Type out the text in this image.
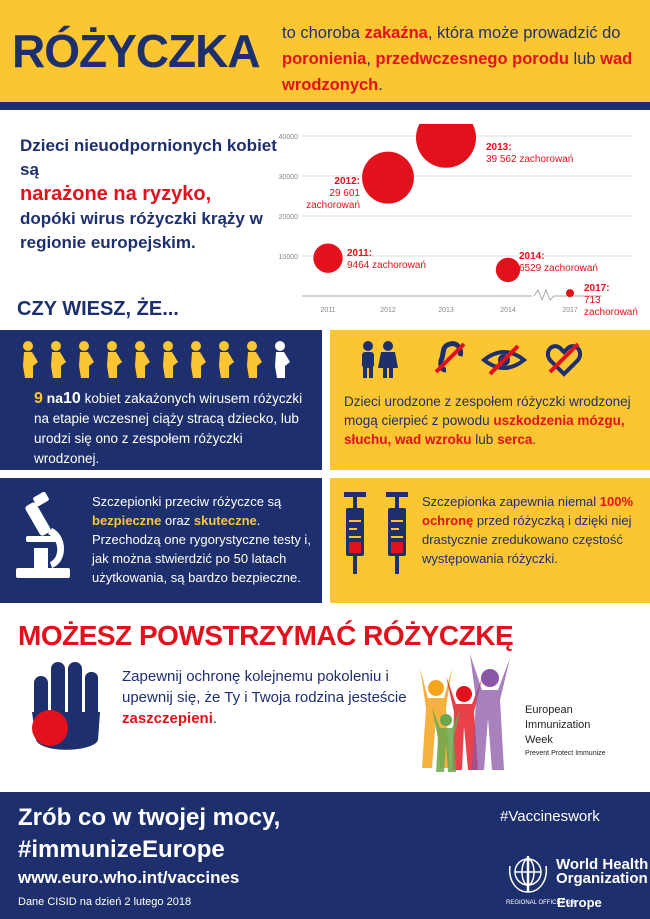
RÓŻYCZKA to choroba zakaźna, która może prowadzić do poronienia, przedwczesnego porodu lub wad wrodzonych.
Dzieci nieuodpornionych kobiet są
narażone na ryzyko,
dopóki wirus różyczki krąży w regionie europejskim.
40000
30000
20000
10000
2011	2012	2013	2014	2017
2011:
9464 zachorowań
2012:
29 601 zachorowań
2013:
39 562 zachorowań
2014:
6529 zachorowań
2017:
713 zachorowań
CZY WIESZ, ŻE...
9 na10 kobiet zakażonych wirusem różyczki na etapie wczesnej ciąży stracą dziecko, lub urodzi się ono z zespołem różyczki wrodzonej.
Dzieci urodzone z zespołem różyczki wrodzonej mogą cierpieć z powodu uszkodzenia mózgu, słuchu, wad wzroku lub serca.
Szczepionki przeciw różyczce są bezpieczne oraz skuteczne. Przechodzą one rygorystyczne testy i, jak można stwierdzić po 50 latach użytkowania, są bardzo bezpieczne.
Szczepionka zapewnia niemal 100% ochronę przed różyczką i dzięki niej drastycznie zredukowano częstość występowania różyczki.
MOŻESZ POWSTRZYMAĆ RÓŻYCZKĘ
Zapewnij ochronę kolejnemu pokoleniu i upewnij się, że Ty i Twoja rodzina jesteście zaszczepieni.	European
Immunization
Week
Prevent Protect Immunize
Zrób co w twojej mocy,
#immunizeEurope
www.euro.who.int/vaccines
Dane CISID na dzień 2 lutego 2018
#Vaccineswork
World Health Organization
REGIONAL OFFICE FOR
Europe
